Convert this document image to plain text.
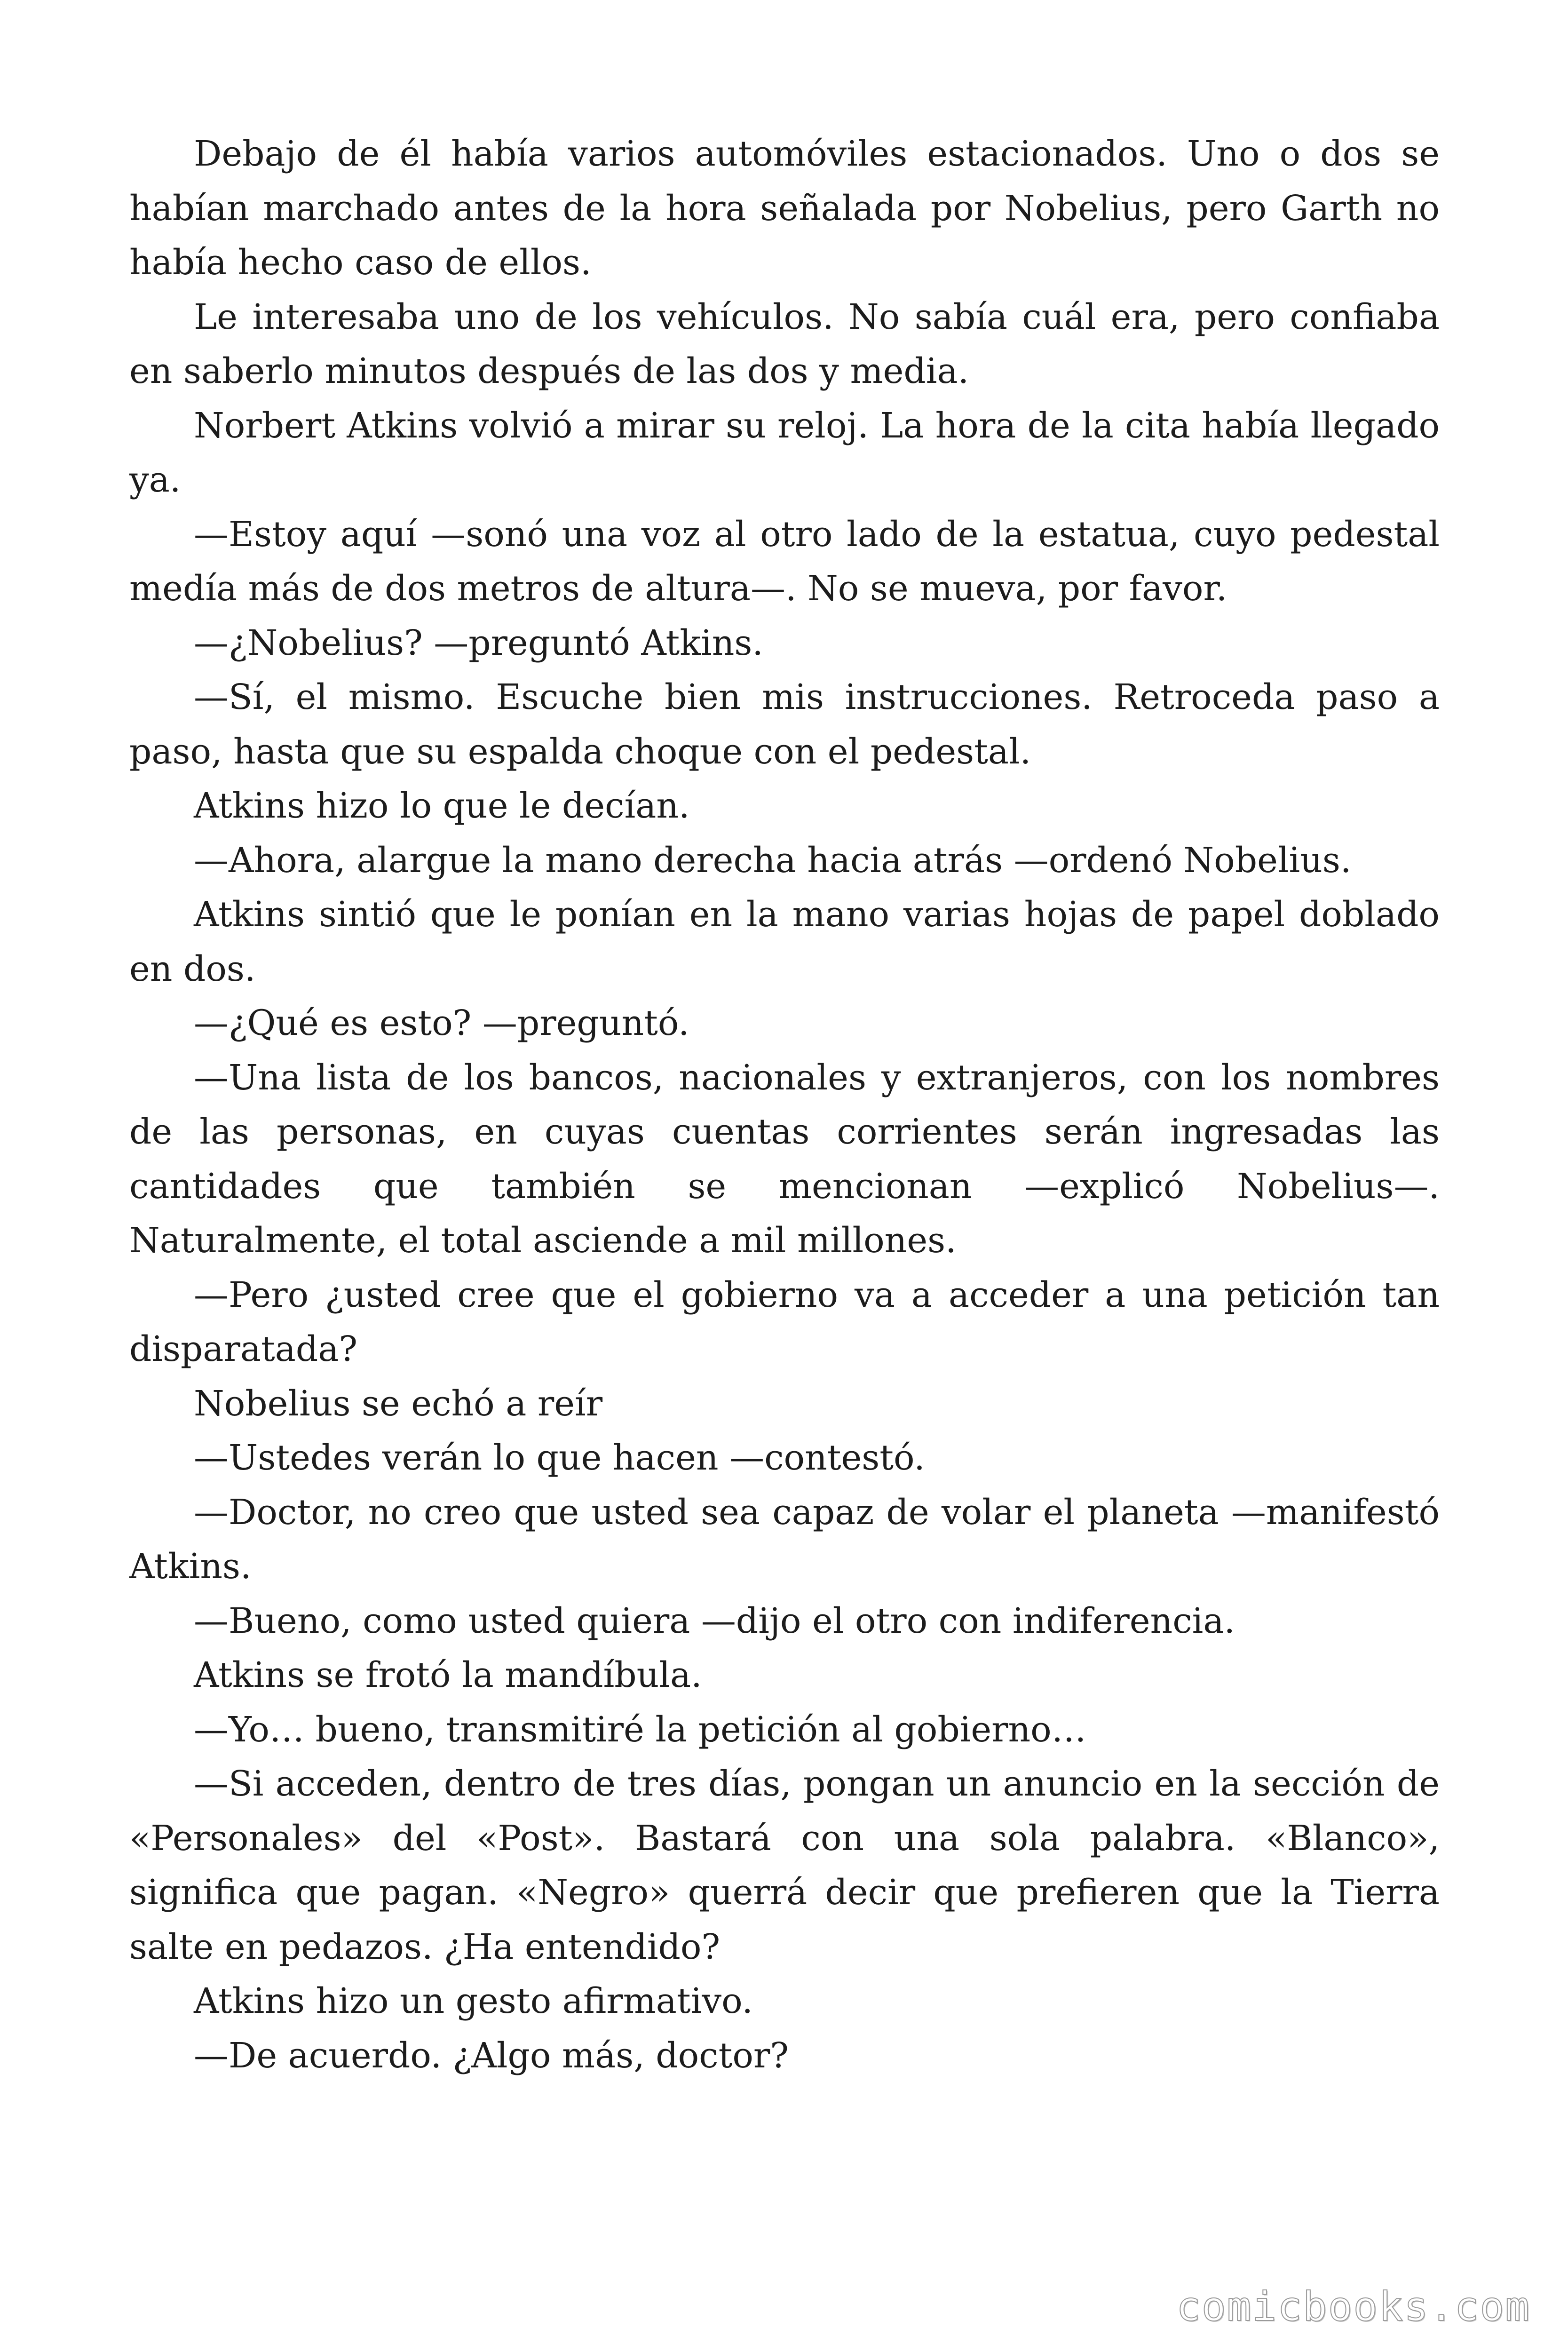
Debajo de él había varios automóviles estacionados. Uno o dos se habían marchado antes de la hora señalada por Nobelius, pero Garth no había hecho caso de ellos.

Le interesaba uno de los vehículos. No sabía cuál era, pero confiaba en saberlo minutos después de las dos y media.

Norbert Atkins volvió a mirar su reloj. La hora de la cita había llegado ya.

—Estoy aquí —sonó una voz al otro lado de la estatua, cuyo pedestal medía más de dos metros de altura—. No se mueva, por favor.

—¿Nobelius? —preguntó Atkins.

—Sí, el mismo. Escuche bien mis instrucciones. Retroceda paso a paso, hasta que su espalda choque con el pedestal.

Atkins hizo lo que le decían.

—Ahora, alargue la mano derecha hacia atrás —ordenó Nobelius.

Atkins sintió que le ponían en la mano varias hojas de papel doblado en dos.

—¿Qué es esto? —preguntó.

—Una lista de los bancos, nacionales y extranjeros, con los nombres de las personas, en cuyas cuentas corrientes serán ingresadas las cantidades que también se mencionan —explicó Nobelius—. Naturalmente, el total asciende a mil millones.

—Pero ¿usted cree que el gobierno va a acceder a una petición tan disparatada?

Nobelius se echó a reír

—Ustedes verán lo que hacen —contestó.

—Doctor, no creo que usted sea capaz de volar el planeta —manifestó Atkins.

—Bueno, como usted quiera —dijo el otro con indiferencia.

Atkins se frotó la mandíbula.

—Yo… bueno, transmitiré la petición al gobierno…

—Si acceden, dentro de tres días, pongan un anuncio en la sección de «Personales» del «Post». Bastará con una sola palabra. «Blanco», significa que pagan. «Negro» querrá decir que prefieren que la Tierra salte en pedazos. ¿Ha entendido?

Atkins hizo un gesto afirmativo.

—De acuerdo. ¿Algo más, doctor?

comicbooks.com
